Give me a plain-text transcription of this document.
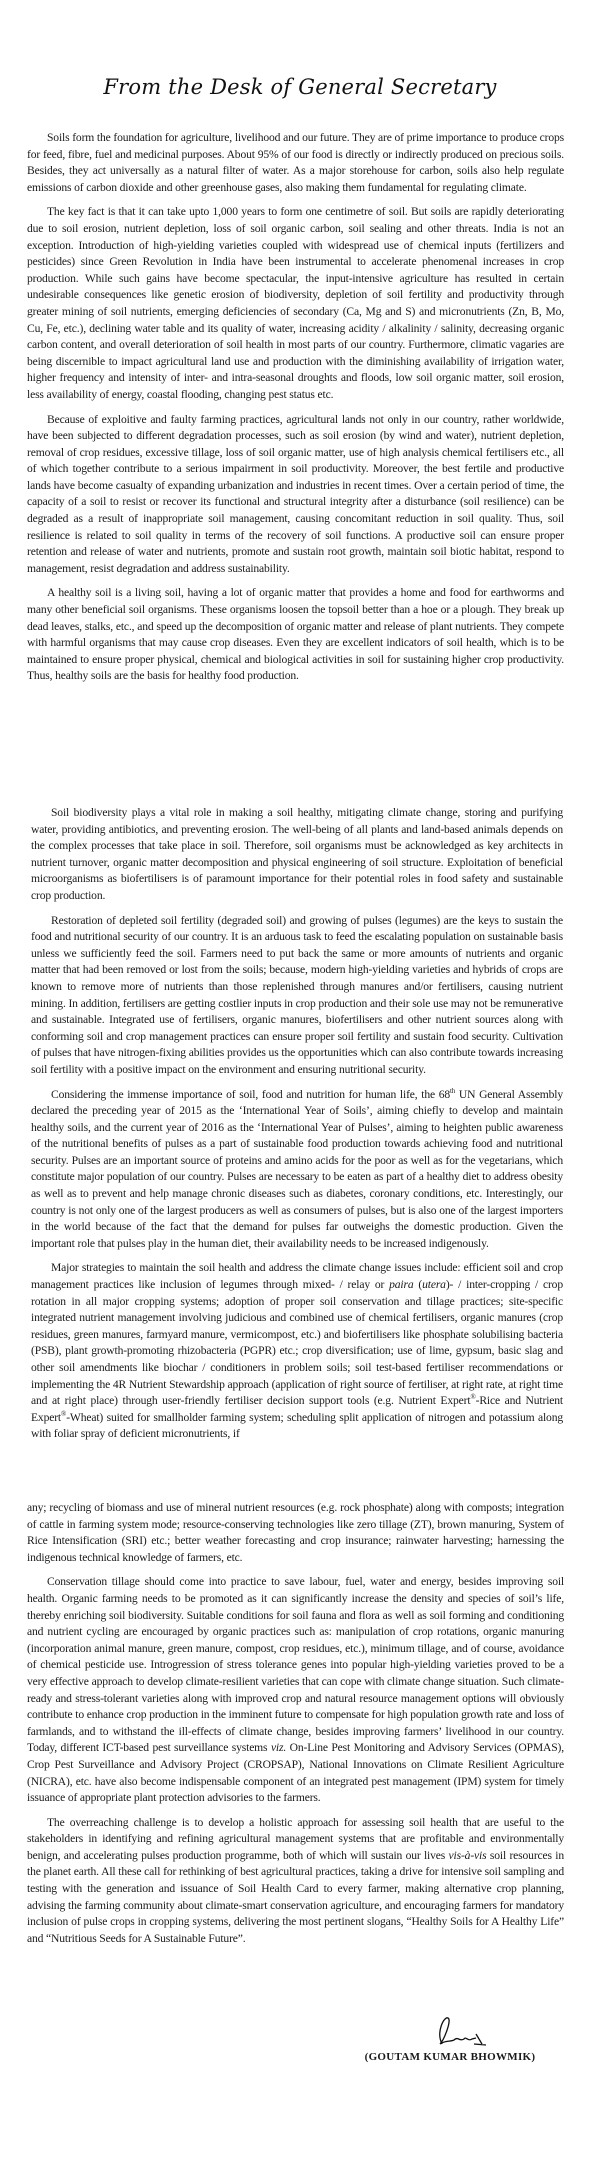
From the Desk of General Secretary

Soils form the foundation for agriculture, livelihood and our future. They are of prime importance to produce crops for feed, fibre, fuel and medicinal purposes. About 95% of our food is directly or indirectly produced on precious soils. Besides, they act universally as a natural filter of water. As a major storehouse for carbon, soils also help regulate emissions of carbon dioxide and other greenhouse gases, also making them fundamental for regulating climate.

The key fact is that it can take upto 1,000 years to form one centimetre of soil. But soils are rapidly deteriorating due to soil erosion, nutrient depletion, loss of soil organic carbon, soil sealing and other threats. India is not an exception. Introduction of high-yielding varieties coupled with widespread use of chemical inputs (fertilizers and pesticides) since Green Revolution in India have been instrumental to accelerate phenomenal increases in crop production. While such gains have become spectacular, the input-intensive agriculture has resulted in certain undesirable consequences like genetic erosion of biodiversity, depletion of soil fertility and productivity through greater mining of soil nutrients, emerging deficiencies of secondary (Ca, Mg and S) and micronutrients (Zn, B, Mo, Cu, Fe, etc.), declining water table and its quality of water, increasing acidity / alkalinity / salinity, decreasing organic carbon content, and overall deterioration of soil health in most parts of our country. Furthermore, climatic vagaries are being discernible to impact agricultural land use and production with the diminishing availability of irrigation water, higher frequency and intensity of inter- and intra-seasonal droughts and floods, low soil organic matter, soil erosion, less availability of energy, coastal flooding, changing pest status etc.

Because of exploitive and faulty farming practices, agricultural lands not only in our country, rather worldwide, have been subjected to different degradation processes, such as soil erosion (by wind and water), nutrient depletion, removal of crop residues, excessive tillage, loss of soil organic matter, use of high analysis chemical fertilisers etc., all of which together contribute to a serious impairment in soil productivity. Moreover, the best fertile and productive lands have become casualty of expanding urbanization and industries in recent times. Over a certain period of time, the capacity of a soil to resist or recover its functional and structural integrity after a disturbance (soil resilience) can be degraded as a result of inappropriate soil management, causing concomitant reduction in soil quality. Thus, soil resilience is related to soil quality in terms of the recovery of soil functions. A productive soil can ensure proper retention and release of water and nutrients, promote and sustain root growth, maintain soil biotic habitat, respond to management, resist degradation and address sustainability.

A healthy soil is a living soil, having a lot of organic matter that provides a home and food for earthworms and many other beneficial soil organisms. These organisms loosen the topsoil better than a hoe or a plough. They break up dead leaves, stalks, etc., and speed up the decomposition of organic matter and release of plant nutrients. They compete with harmful organisms that may cause crop diseases. Even they are excellent indicators of soil health, which is to be maintained to ensure proper physical, chemical and biological activities in soil for sustaining higher crop productivity. Thus, healthy soils are the basis for healthy food production.

Soil biodiversity plays a vital role in making a soil healthy, mitigating climate change, storing and purifying water, providing antibiotics, and preventing erosion. The well-being of all plants and land-based animals depends on the complex processes that take place in soil. Therefore, soil organisms must be acknowledged as key architects in nutrient turnover, organic matter decomposition and physical engineering of soil structure. Exploitation of beneficial microorganisms as biofertilisers is of paramount importance for their potential roles in food safety and sustainable crop production.

Restoration of depleted soil fertility (degraded soil) and growing of pulses (legumes) are the keys to sustain the food and nutritional security of our country. It is an arduous task to feed the escalating population on sustainable basis unless we sufficiently feed the soil. Farmers need to put back the same or more amounts of nutrients and organic matter that had been removed or lost from the soils; because, modern high-yielding varieties and hybrids of crops are known to remove more of nutrients than those replenished through manures and/or fertilisers, causing nutrient mining. In addition, fertilisers are getting costlier inputs in crop production and their sole use may not be remunerative and sustainable. Integrated use of fertilisers, organic manures, biofertilisers and other nutrient sources along with conforming soil and crop management practices can ensure proper soil fertility and sustain food security. Cultivation of pulses that have nitrogen-fixing abilities provides us the opportunities which can also contribute towards increasing soil fertility with a positive impact on the environment and ensuring nutritional security.

Considering the immense importance of soil, food and nutrition for human life, the 68th UN General Assembly declared the preceding year of 2015 as the ‘International Year of Soils’, aiming chiefly to develop and maintain healthy soils, and the current year of 2016 as the ‘International Year of Pulses’, aiming to heighten public awareness of the nutritional benefits of pulses as a part of sustainable food production towards achieving food and nutritional security. Pulses are an important source of proteins and amino acids for the poor as well as for the vegetarians, which constitute major population of our country. Pulses are necessary to be eaten as part of a healthy diet to address obesity as well as to prevent and help manage chronic diseases such as diabetes, coronary conditions, etc. Interestingly, our country is not only one of the largest producers as well as consumers of pulses, but is also one of the largest importers in the world because of the fact that the demand for pulses far outweighs the domestic production. Given the important role that pulses play in the human diet, their availability needs to be increased indigenously.

Major strategies to maintain the soil health and address the climate change issues include: efficient soil and crop management practices like inclusion of legumes through mixed- / relay or paira (utera)- / inter-cropping / crop rotation in all major cropping systems; adoption of proper soil conservation and tillage practices; site-specific integrated nutrient management involving judicious and combined use of chemical fertilisers, organic manures (crop residues, green manures, farmyard manure, vermicompost, etc.) and biofertilisers like phosphate solubilising bacteria (PSB), plant growth-promoting rhizobacteria (PGPR) etc.; crop diversification; use of lime, gypsum, basic slag and other soil amendments like biochar / conditioners in problem soils; soil test-based fertiliser recommendations or implementing the 4R Nutrient Stewardship approach (application of right source of fertiliser, at right rate, at right time and at right place) through user-friendly fertiliser decision support tools (e.g. Nutrient Expert®-Rice and Nutrient Expert®-Wheat) suited for smallholder farming system; scheduling split application of nitrogen and potassium along with foliar spray of deficient micronutrients, if

any; recycling of biomass and use of mineral nutrient resources (e.g. rock phosphate) along with composts; integration of cattle in farming system mode; resource-conserving technologies like zero tillage (ZT), brown manuring, System of Rice Intensification (SRI) etc.; better weather forecasting and crop insurance; rainwater harvesting; harnessing the indigenous technical knowledge of farmers, etc.

Conservation tillage should come into practice to save labour, fuel, water and energy, besides improving soil health. Organic farming needs to be promoted as it can significantly increase the density and species of soil’s life, thereby enriching soil biodiversity. Suitable conditions for soil fauna and flora as well as soil forming and conditioning and nutrient cycling are encouraged by organic practices such as: manipulation of crop rotations, organic manuring (incorporation animal manure, green manure, compost, crop residues, etc.), minimum tillage, and of course, avoidance of chemical pesticide use. Introgression of stress tolerance genes into popular high-yielding varieties proved to be a very effective approach to develop climate-resilient varieties that can cope with climate change situation. Such climate-ready and stress-tolerant varieties along with improved crop and natural resource management options will obviously contribute to enhance crop production in the imminent future to compensate for high population growth rate and loss of farmlands, and to withstand the ill-effects of climate change, besides improving farmers’ livelihood in our country. Today, different ICT-based pest surveillance systems viz. On-Line Pest Monitoring and Advisory Services (OPMAS), Crop Pest Surveillance and Advisory Project (CROPSAP), National Innovations on Climate Resilient Agriculture (NICRA), etc. have also become indispensable component of an integrated pest management (IPM) system for timely issuance of appropriate plant protection advisories to the farmers.

The overreaching challenge is to develop a holistic approach for assessing soil health that are useful to the stakeholders in identifying and refining agricultural management systems that are profitable and environmentally benign, and accelerating pulses production programme, both of which will sustain our lives vis-à-vis soil resources in the planet earth. All these call for rethinking of best agricultural practices, taking a drive for intensive soil sampling and testing with the generation and issuance of Soil Health Card to every farmer, making alternative crop planning, advising the farming community about climate-smart conservation agriculture, and encouraging farmers for mandatory inclusion of pulse crops in cropping systems, delivering the most pertinent slogans, “Healthy Soils for A Healthy Life” and “Nutritious Seeds for A Sustainable Future”.

(GOUTAM KUMAR BHOWMIK)
